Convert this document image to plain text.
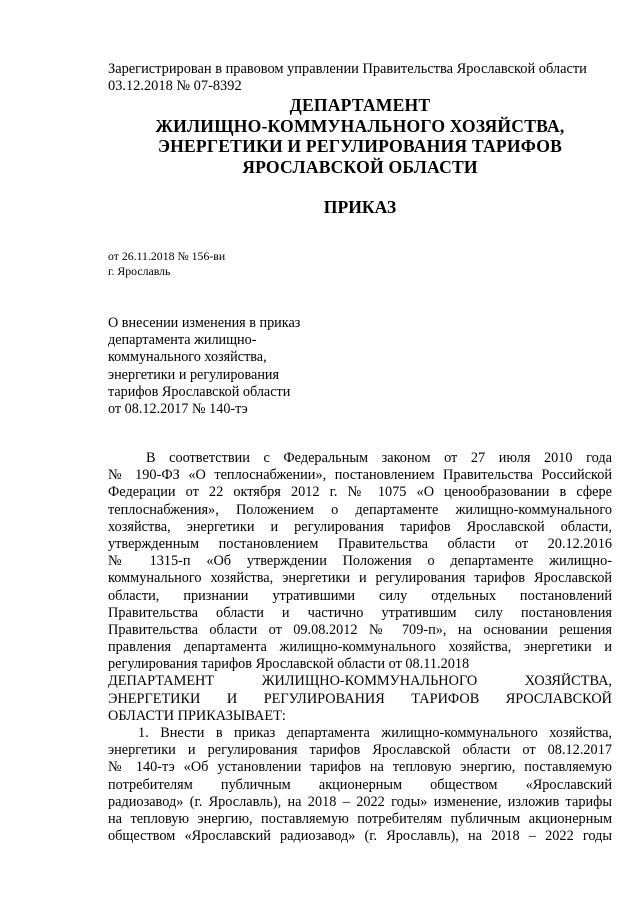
Зарегистрирован в правовом управлении Правительства Ярославской области
03.12.2018 № 07-8392
ДЕПАРТАМЕНТ
ЖИЛИЩНО-КОММУНАЛЬНОГО ХОЗЯЙСТВА,
ЭНЕРГЕТИКИ И РЕГУЛИРОВАНИЯ ТАРИФОВ
ЯРОСЛАВСКОЙ ОБЛАСТИ
ПРИКАЗ
от 26.11.2018 № 156-ви
г. Ярославль
О внесении изменения в приказ
департамента жилищно-
коммунального хозяйства,
энергетики и регулирования
тарифов Ярославской области
от 08.12.2017 № 140-тэ
В соответствии с Федеральным законом от 27 июля 2010 года
№ 190-ФЗ «О теплоснабжении», постановлением Правительства Российской
Федерации от 22 октября 2012 г. № 1075 «О ценообразовании в сфере
теплоснабжения», Положением о департаменте жилищно-коммунального
хозяйства, энергетики и регулирования тарифов Ярославской области,
утвержденным постановлением Правительства области от 20.12.2016
№ 1315-п «Об утверждении Положения о департаменте жилищно-
коммунального хозяйства, энергетики и регулирования тарифов Ярославской
области, признании утратившими силу отдельных постановлений
Правительства области и частично утратившим силу постановления
Правительства области от 09.08.2012 № 709-п», на основании решения
правления департамента жилищно-коммунального хозяйства, энергетики и
регулирования тарифов Ярославской области от 08.11.2018
ДЕПАРТАМЕНТ ЖИЛИЩНО-КОММУНАЛЬНОГО ХОЗЯЙСТВА,
ЭНЕРГЕТИКИ И РЕГУЛИРОВАНИЯ ТАРИФОВ ЯРОСЛАВСКОЙ
ОБЛАСТИ ПРИКАЗЫВАЕТ:
1. Внести в приказ департамента жилищно-коммунального хозяйства,
энергетики и регулирования тарифов Ярославской области от 08.12.2017
№ 140-тэ «Об установлении тарифов на тепловую энергию, поставляемую
потребителям публичным акционерным обществом «Ярославский
радиозавод» (г. Ярославль), на 2018 – 2022 годы» изменение, изложив тарифы
на тепловую энергию, поставляемую потребителям публичным акционерным
обществом «Ярославский радиозавод» (г. Ярославль), на 2018 – 2022 годы
